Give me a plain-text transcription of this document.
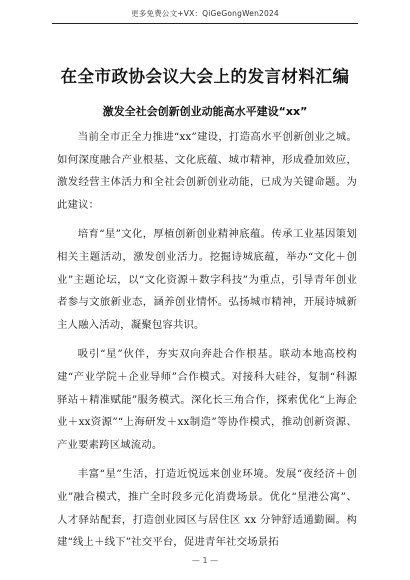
更多免费公文+VX：QiGeGongWen2024
在全市政协会议大会上的发言材料汇编
激发全社会创新创业动能高水平建设“xx”

当前全市正全力推进“xx”建设，打造高水平创新创业之城。如何深度融合产业根基、文化底蕴、城市精神，形成叠加效应，激发经营主体活力和全社会创新创业动能，已成为关键命题。为此建议：

培育“星”文化，厚植创新创业精神底蕴。传承工业基因策划相关主题活动，激发创业活力。挖掘诗城底蕴，举办“文化＋创业”主题论坛，以“文化资源＋数字科技”为重点，引导青年创业者参与文旅新业态，涵养创业情怀。弘扬城市精神，开展诗城新主人融入活动，凝聚包容共识。

吸引“星”伙伴，夯实双向奔赴合作根基。联动本地高校构建“产业学院＋企业导师”合作模式。对接科大硅谷，复制“科源驿站＋精准赋能”服务模式。深化长三角合作，探索优化“上海企业＋xx资源”“上海研发＋xx制造”等协作模式，推动创新资源、产业要素跨区域流动。

丰富“星”生活，打造近悦远来创业环境。发展“夜经济＋创业”融合模式，推广全时段多元化消费场景。优化“星港公寓”、人才驿站配套，打造创业园区与居住区 xx 分钟舒适通勤圈。构建“线上＋线下”社交平台，促进青年社交场景拓

— 1 —
